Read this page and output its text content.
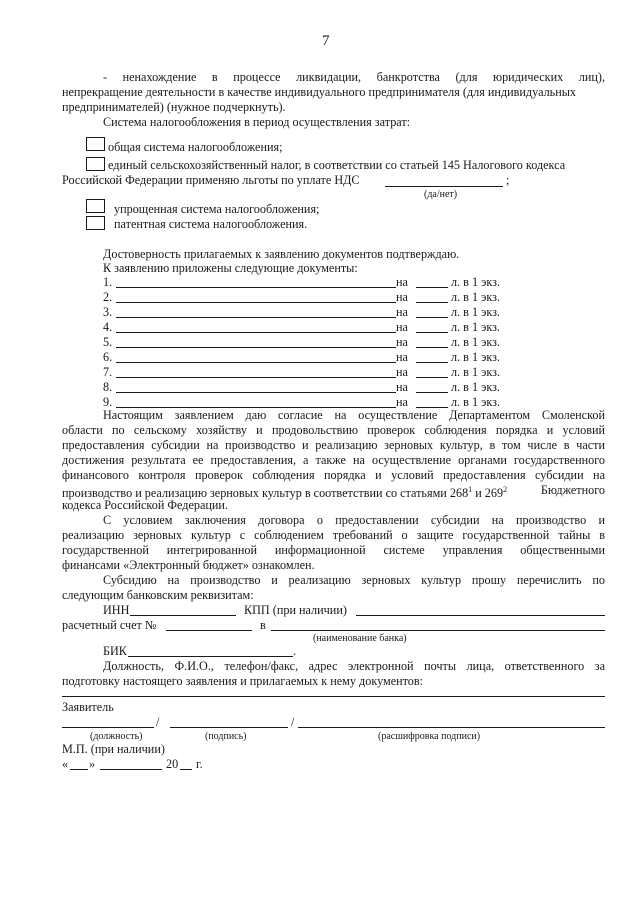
7
-  ненахождение  в  процессе  ликвидации,  банкротства  (для  юридических  лиц),
непрекращение деятельности в качестве индивидуального предпринимателя (для индивидуальных
предпринимателей) (нужное подчеркнуть).
Система налогообложения в период осуществления затрат:
общая система налогообложения;
единый сельскохозяйственный налог, в соответствии со статьей 145 Налогового кодекса
Российской Федерации применяю льготы по уплате НДС	;
(да/нет)
упрощенная система налогообложения;
патентная система налогообложения.
Достоверность прилагаемых к заявлению документов подтверждаю.
К заявлению приложены следующие документы:
1.	на	л. в 1 экз.
2.	на	л. в 1 экз.
3.	на	л. в 1 экз.
4.	на	л. в 1 экз.
5.	на	л. в 1 экз.
6.	на	л. в 1 экз.
7.	на	л. в 1 экз.
8.	на	л. в 1 экз.
9.	на	л. в 1 экз.
Настоящим заявлением даю согласие на осуществление Департаментом Смоленской
области по сельскому хозяйству и продовольствию проверок соблюдения порядка и условий
предоставления субсидии на производство и реализацию зерновых культур, в том числе в части
достижения результата ее предоставления, а также на осуществление органами государственного
финансового контроля проверок соблюдения порядка и условий предоставления субсидии на
производство и реализацию зерновых культур в соответствии со статьями $268^1$ и $269^2$	Бюджетного
кодекса Российской Федерации.
С условием заключения договора о предоставлении субсидии на производство и
реализацию зерновых культур с соблюдением требований о защите государственной тайны в
государственной интегрированной информационной системе управления общественными
финансами «Электронный бюджет» ознакомлен.
Субсидию на производство и реализацию зерновых культур прошу перечислить по
следующим банковским реквизитам:
ИНН	КПП (при наличии)
расчетный счет №	в
(наименование банка)
БИК	.
Должность, Ф.И.О., телефон/факс, адрес электронной почты лица, ответственного за
подготовку настоящего заявления и прилагаемых к нему документов:
Заявитель
/	/
(должность)	(подпись)	(расшифровка подписи)
М.П. (при наличии)
« »	20 г.
